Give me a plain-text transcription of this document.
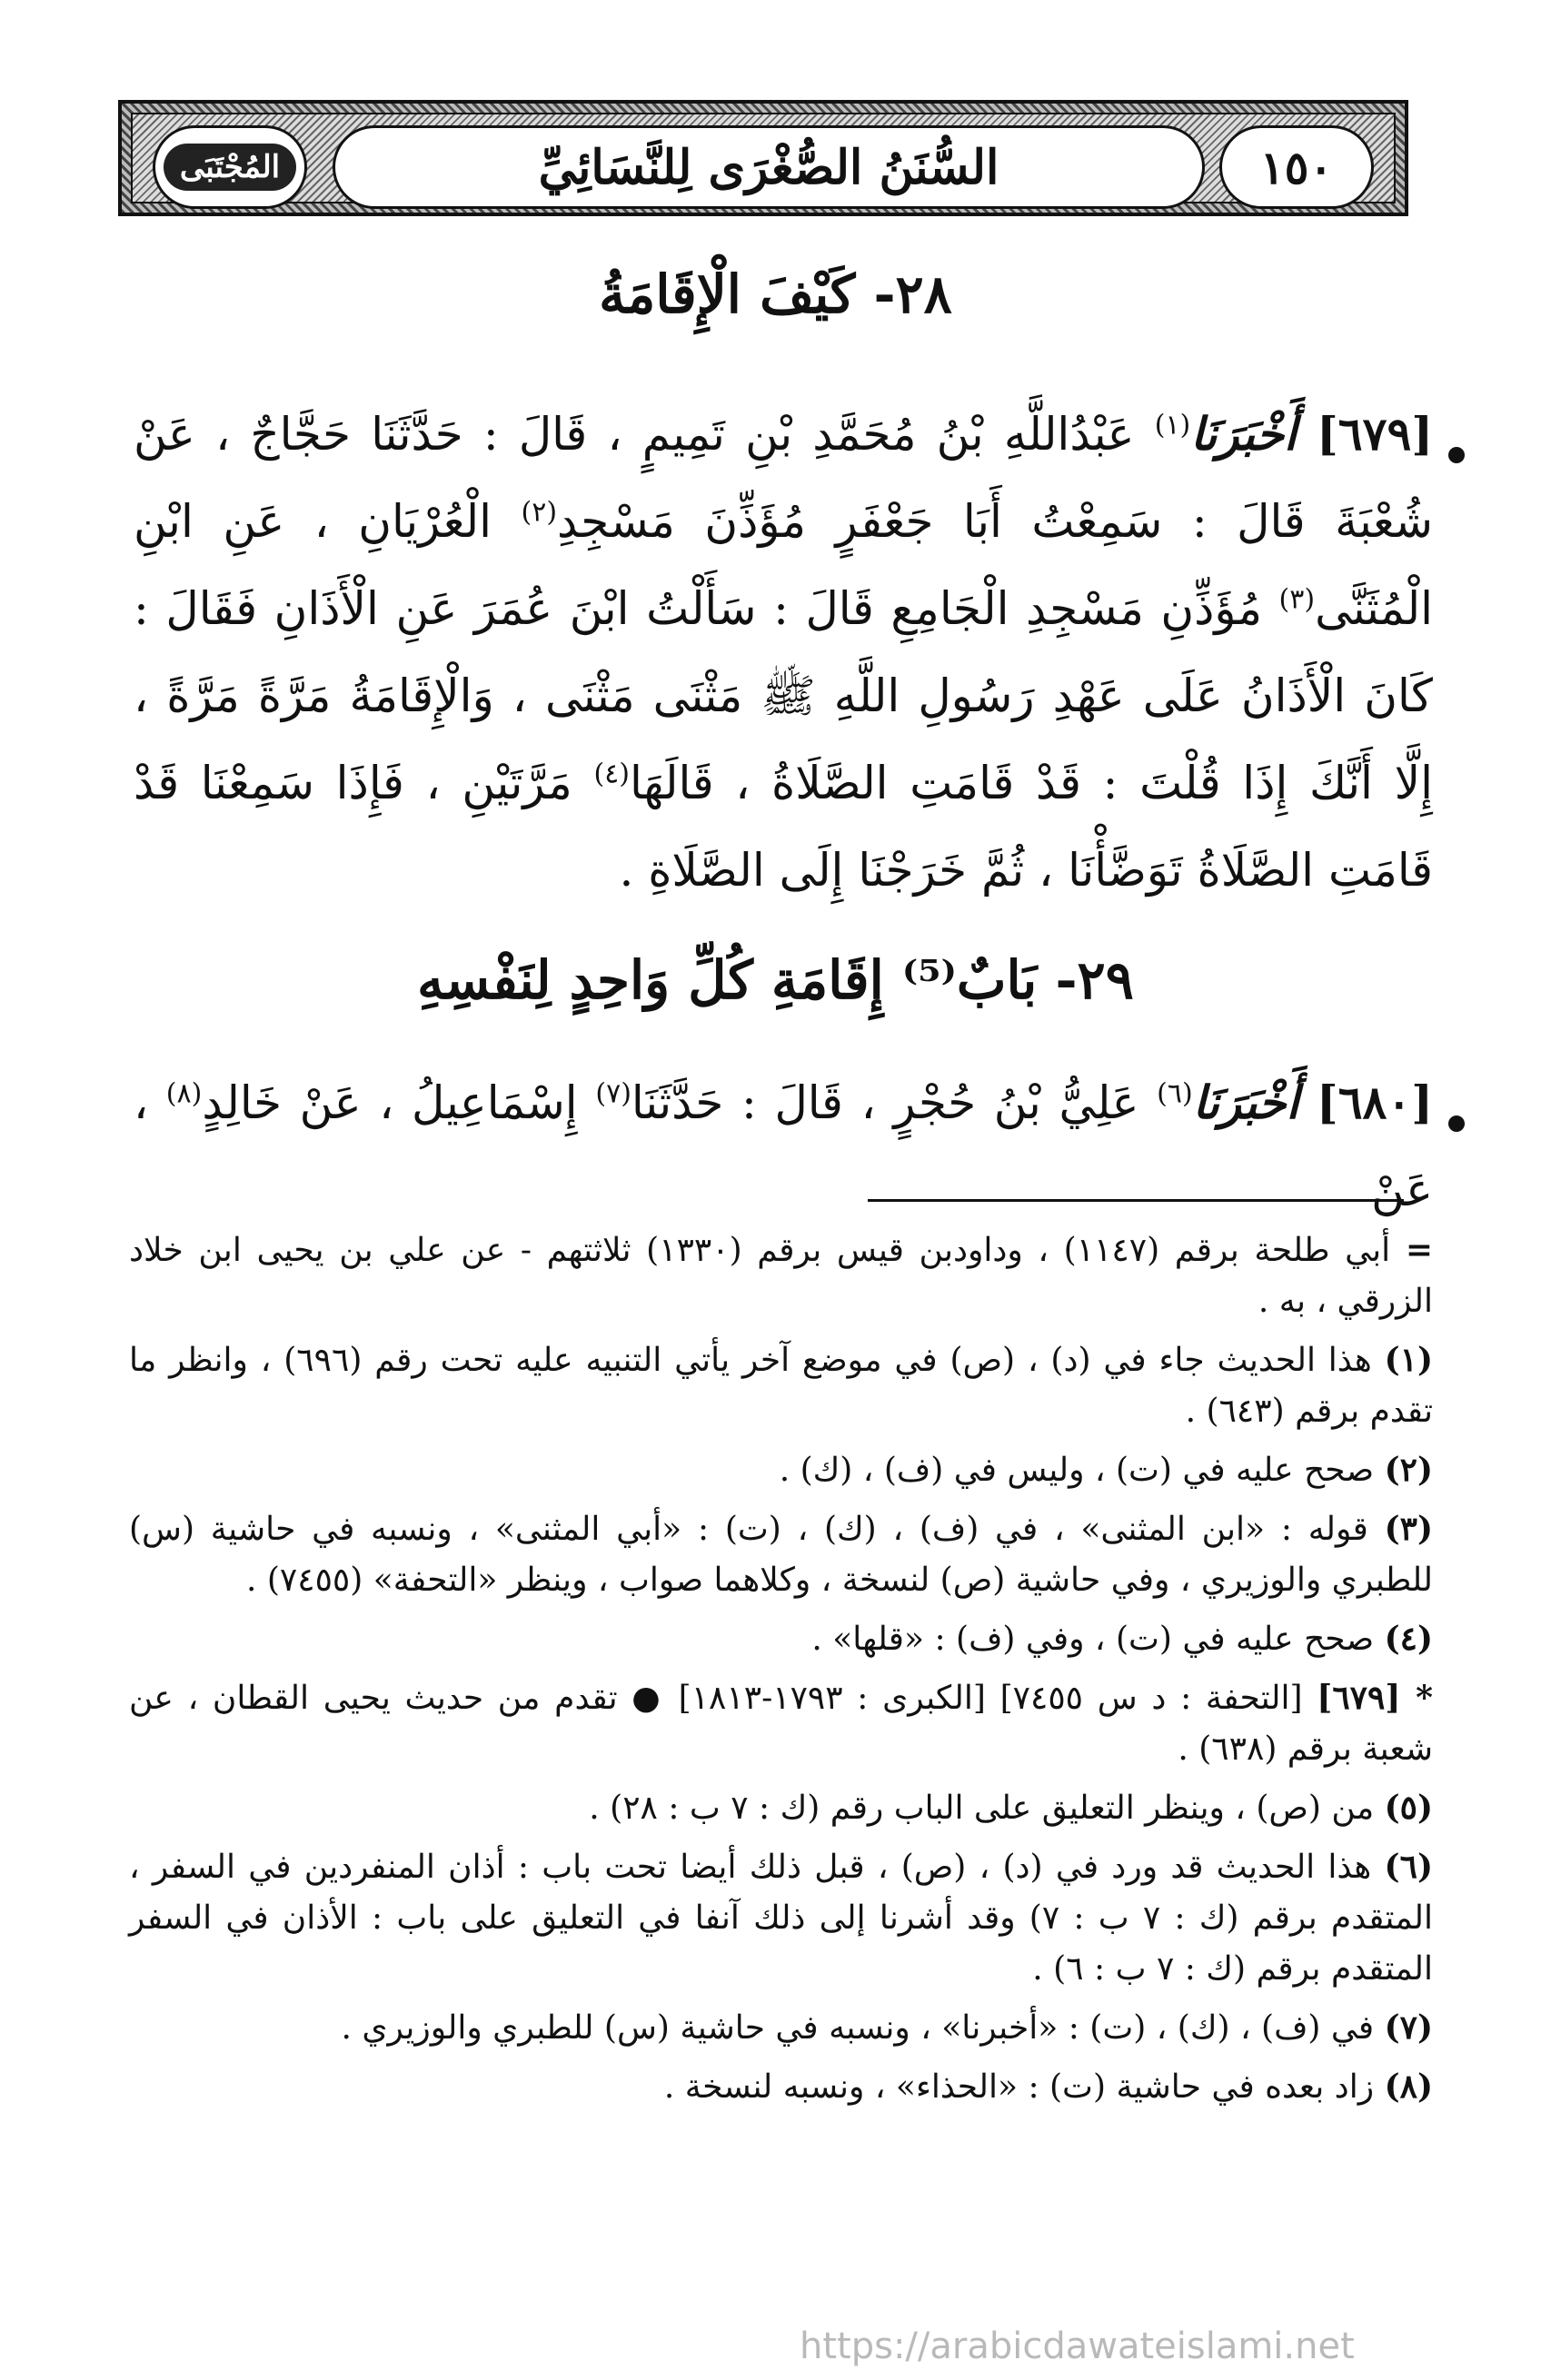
١٥٠
السُّنَنُ الصُّغْرَى لِلنَّسَائِيِّ
المُجْتَبَى
٢٨- كَيْفَ الْإِقَامَةُ
[٦٧٩] أَخْبَرَنَا$^{(١)}$ عَبْدُاللَّهِ بْنُ مُحَمَّدِ بْنِ تَمِيمٍ ، قَالَ : حَدَّثَنَا حَجَّاجٌ ، عَنْ شُعْبَةَ قَالَ : سَمِعْتُ أَبَا جَعْفَرٍ مُؤَذِّنَ مَسْجِدِ$^{(٢)}$ الْعُرْيَانِ ، عَنِ ابْنِ الْمُثَنَّى$^{(٣)}$ مُؤَذِّنِ مَسْجِدِ الْجَامِعِ قَالَ : سَأَلْتُ ابْنَ عُمَرَ عَنِ الْأَذَانِ فَقَالَ : كَانَ الْأَذَانُ عَلَى عَهْدِ رَسُولِ اللَّهِ ﷺ مَثْنَى مَثْنَى ، وَالْإِقَامَةُ مَرَّةً مَرَّةً ، إِلَّا أَنَّكَ إِذَا قُلْتَ : قَدْ قَامَتِ الصَّلَاةُ ، قَالَهَا$^{(٤)}$ مَرَّتَيْنِ ، فَإِذَا سَمِعْنَا قَدْ قَامَتِ الصَّلَاةُ تَوَضَّأْنَا ، ثُمَّ خَرَجْنَا إِلَى الصَّلَاةِ .
٢٩- بَابٌ⁽⁵⁾ إِقَامَةِ كُلِّ وَاحِدٍ لِنَفْسِهِ
[٦٨٠] أَخْبَرَنَا$^{(٦)}$ عَلِيُّ بْنُ حُجْرٍ ، قَالَ : حَدَّثَنَا$^{(٧)}$ إِسْمَاعِيلُ ، عَنْ خَالِدٍ$^{(٨)}$ ، عَنْ

= أبي طلحة برقم (١١٤٧) ، وداودبن قيس برقم (١٣٣٠) ثلاثتهم - عن علي بن يحيى ابن خلاد الزرقي ، به .

(١) هذا الحديث جاء في (د) ، (ص) في موضع آخر يأتي التنبيه عليه تحت رقم (٦٩٦) ، وانظر ما تقدم برقم (٦٤٣) .

(٢) صحح عليه في (ت) ، وليس في (ف) ، (ك) .

(٣) قوله : «ابن المثنى» ، في (ف) ، (ك) ، (ت) : «أبي المثنى» ، ونسبه في حاشية (س) للطبري والوزيري ، وفي حاشية (ص) لنسخة ، وكلاهما صواب ، وينظر «التحفة» (٧٤٥٥) .

(٤) صحح عليه في (ت) ، وفي (ف) : «قلها» .

* [٦٧٩] [التحفة : د س ٧٤٥٥] [الكبرى : ١٧٩٣-١٨١٣] ● تقدم من حديث يحيى القطان ، عن شعبة برقم (٦٣٨) .

(٥) من (ص) ، وينظر التعليق على الباب رقم (ك : ٧ ب : ٢٨) .

(٦) هذا الحديث قد ورد في (د) ، (ص) ، قبل ذلك أيضا تحت باب : أذان المنفردين في السفر ، المتقدم برقم (ك : ٧ ب : ٧) وقد أشرنا إلى ذلك آنفا في التعليق على باب : الأذان في السفر المتقدم برقم (ك : ٧ ب : ٦) .

(٧) في (ف) ، (ك) ، (ت) : «أخبرنا» ، ونسبه في حاشية (س) للطبري والوزيري .

(٨) زاد بعده في حاشية (ت) : «الحذاء» ، ونسبه لنسخة .

https://arabicdawateislami.net
